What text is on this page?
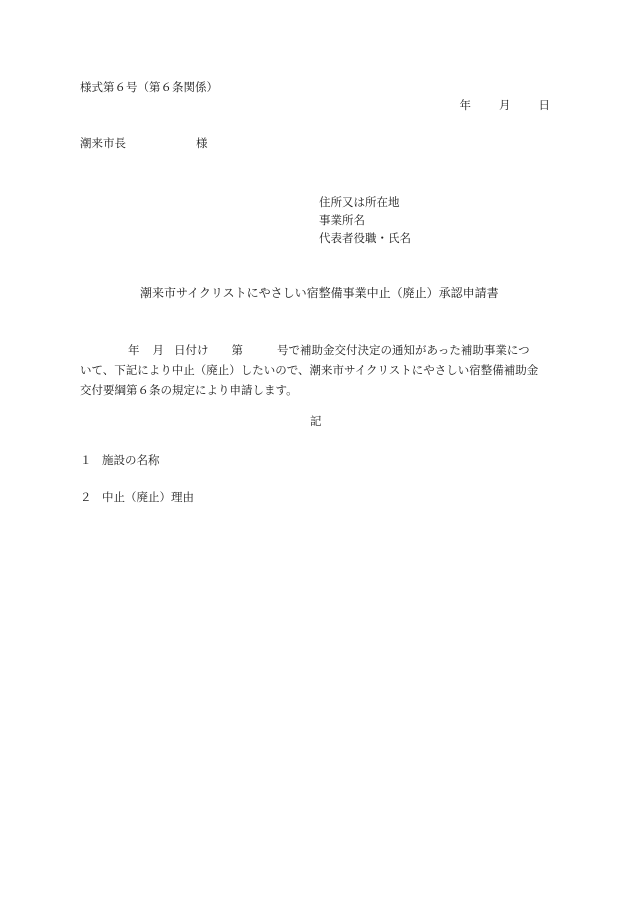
様式第６号（第６条関係）
年 月 日
潮来市長	様
住所又は所在地
事業所名
代表者役職・氏名
潮来市サイクリストにやさしい宿整備事業中止（廃止）承認申請書
年 月 日付け 第	号で補助金交付決定の通知があった補助事業につ
いて、下記により中止（廃止）したいので、潮来市サイクリストにやさしい宿整備補助金
交付要綱第６条の規定により申請します。
記
１ 施設の名称
２ 中止（廃止）理由
